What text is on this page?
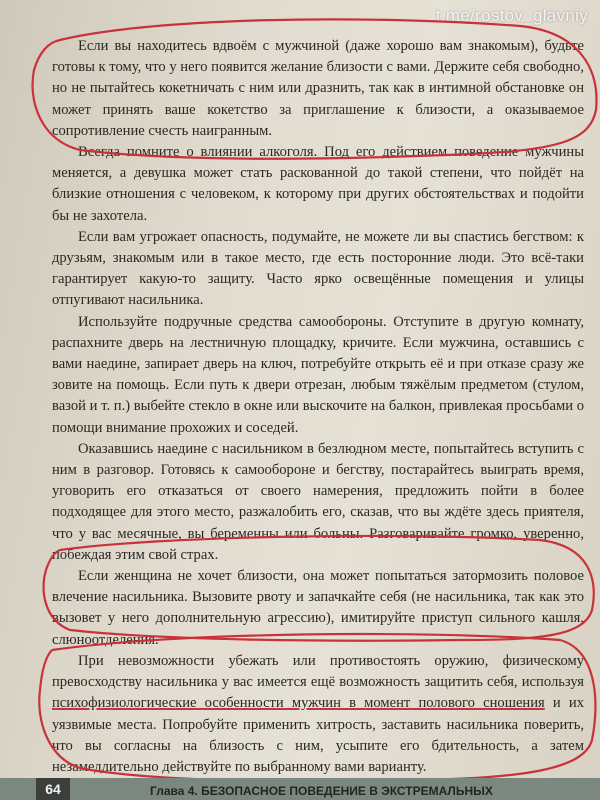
t.me/rostov_glavniy

Если вы находитесь вдвоём с мужчиной (даже хорошо вам знакомым), будьте готовы к тому, что у него появится желание близости с вами. Держите себя свободно, но не пытайтесь кокетничать с ним или дразнить, так как в интимной обстановке он может принять ваше кокетство за приглашение к близости, а оказываемое сопротивление счесть наигранным.

Всегда помните о влиянии алкоголя. Под его действием поведение мужчины меняется, а девушка может стать раскованной до такой степени, что пойдёт на близкие отношения с человеком, к которому при других обстоятельствах и подойти бы не захотела.

Если вам угрожает опасность, подумайте, не можете ли вы спастись бегством: к друзьям, знакомым или в такое место, где есть посторонние люди. Это всё-таки гарантирует какую-то защиту. Часто ярко освещённые помещения и улицы отпугивают насильника.

Используйте подручные средства самообороны. Отступите в другую комнату, распахните дверь на лестничную площадку, кричите. Если мужчина, оставшись с вами наедине, запирает дверь на ключ, потребуйте открыть её и при отказе сразу же зовите на помощь. Если путь к двери отрезан, любым тяжёлым предметом (стулом, вазой и т. п.) выбейте стекло в окне или выскочите на балкон, привлекая просьбами о помощи внимание прохожих и соседей.

Оказавшись наедине с насильником в безлюдном месте, попытайтесь вступить с ним в разговор. Готовясь к самообороне и бегству, постарайтесь выиграть время, уговорить его отказаться от своего намерения, предложить пойти в более подходящее для этого место, разжалобить его, сказав, что вы ждёте здесь приятеля, что у вас месячные, вы беременны или больны. Разговаривайте громко, уверенно, побеждая этим свой страх.

Если женщина не хочет близости, она может попытаться затормозить половое влечение насильника. Вызовите рвоту и запачкайте себя (не насильника, так как это вызовет у него дополнительную агрессию), имитируйте приступ сильного кашля, слюноотделения.

При невозможности убежать или противостоять оружию, физическому превосходству насильника у вас имеется ещё возможность защитить себя, используя психофизиологические особенности мужчин в момент полового сношения и их уязвимые места. Попробуйте применить хитрость, заставить насильника поверить, что вы согласны на близость с ним, усыпите его бдительность, а затем незамедлительно действуйте по выбранному вами варианту.

64	Глава 4. БЕЗОПАСНОЕ ПОВЕДЕНИЕ В ЭКСТРЕМАЛЬНЫХ
